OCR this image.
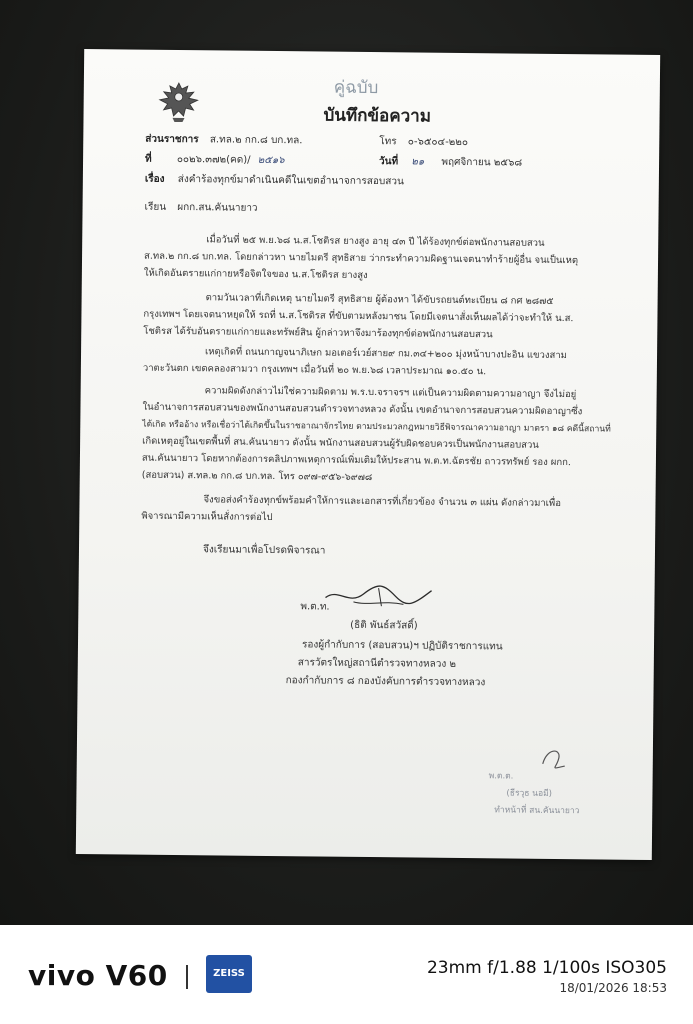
คู่ฉบับ
บันทึกข้อความ
ส่วนราชการ ส.ทล.๒ กก.๘ บก.ทล.	โทร ๐-๖๕๐๔-๒๒๐
ที่	๐๐๒๖.๓๗๒(คด)/ ๒๕๑๖	วันที่ ๒๑ พฤศจิกายน ๒๕๖๘
เรื่อง ส่งคำร้องทุกข์มาดำเนินคดีในเขตอำนาจการสอบสวน
เรียน ผกก.สน.คันนายาว
เมื่อวันที่ ๒๕ พ.ย.๖๘ น.ส.โชติรส ยางสูง อายุ ๔๓ ปี ได้ร้องทุกข์ต่อพนักงานสอบสวน
ส.ทล.๒ กก.๘ บก.ทล. โดยกล่าวหา นายไมตรี สุทธิสาย ว่ากระทำความผิดฐานเจตนาทำร้ายผู้อื่น จนเป็นเหตุ
ให้เกิดอันตรายแก่กายหรือจิตใจของ น.ส.โชติรส ยางสูง
ตามวันเวลาที่เกิดเหตุ นายไมตรี สุทธิสาย ผู้ต้องหา ได้ขับรถยนต์ทะเบียน ๘ กศ ๒๘๗๕
กรุงเทพฯ โดยเจตนาหยุดให้ รถที่ น.ส.โชติรส ที่ขับตามหลังมาชน โดยมีเจตนาสั่งเห็นผลได้ว่าจะทำให้ น.ส.
โชติรส ได้รับอันตรายแก่กายและทรัพย์สิน ผู้กล่าวหาจึงมาร้องทุกข์ต่อพนักงานสอบสวน
เหตุเกิดที่ ถนนกาญจนาภิเษก มอเตอร์เวย์สาย๙ กม.๓๔+๒๐๐ มุ่งหน้าบางปะอิน แขวงสาม
วาตะวันตก เขตคลองสามวา กรุงเทพฯ เมื่อวันที่ ๒๐ พ.ย.๖๘ เวลาประมาณ ๑๐.๕๐ น.
ความผิดดังกล่าวไม่ใช่ความผิดตาม พ.ร.บ.จราจรฯ แต่เป็นความผิดตามความอาญา จึงไม่อยู่
ในอำนาจการสอบสวนของพนักงานสอบสวนตำรวจทางหลวง ดังนั้น เขตอำนาจการสอบสวนความผิดอาญาซึ่ง
ได้เกิด หรืออ้าง หรือเชื่อว่าได้เกิดขึ้นในราชอาณาจักรไทย ตามประมวลกฎหมายวิธีพิจารณาความอาญา มาตรา ๑๘ คดีนี้สถานที่
เกิดเหตุอยู่ในเขตพื้นที่ สน.คันนายาว ดังนั้น พนักงานสอบสวนผู้รับผิดชอบควรเป็นพนักงานสอบสวน
สน.คันนายาว โดยหากต้องการคลิปภาพเหตุการณ์เพิ่มเติมให้ประสาน พ.ต.ท.ฉัตรชัย ถาวรทรัพย์ รอง ผกก.
(สอบสวน) ส.ทล.๒ กก.๘ บก.ทล. โทร ๐๙๗-๙๕๖-๖๙๗๘
จึงขอส่งคำร้องทุกข์พร้อมคำให้การและเอกสารที่เกี่ยวข้อง จำนวน ๓ แผ่น ดังกล่าวมาเพื่อ
พิจารณามีความเห็นสั่งการต่อไป
จึงเรียนมาเพื่อโปรดพิจารณา
พ.ต.ท.
(ธิติ พันธ์สวัสดิ์)
รองผู้กำกับการ (สอบสวน)ฯ ปฏิบัติราชการแทน
สารวัตรใหญ่สถานีตำรวจทางหลวง ๒
กองกำกับการ ๘ กองบังคับการตำรวจทางหลวง
พ.ต.ต.
(ธีรวุธ นอมี)
ทำหน้าที่ สน.คันนายาว
vivo V60	ZEISS	23mm f/1.88 1/100s ISO305
18/01/2026 18:53
